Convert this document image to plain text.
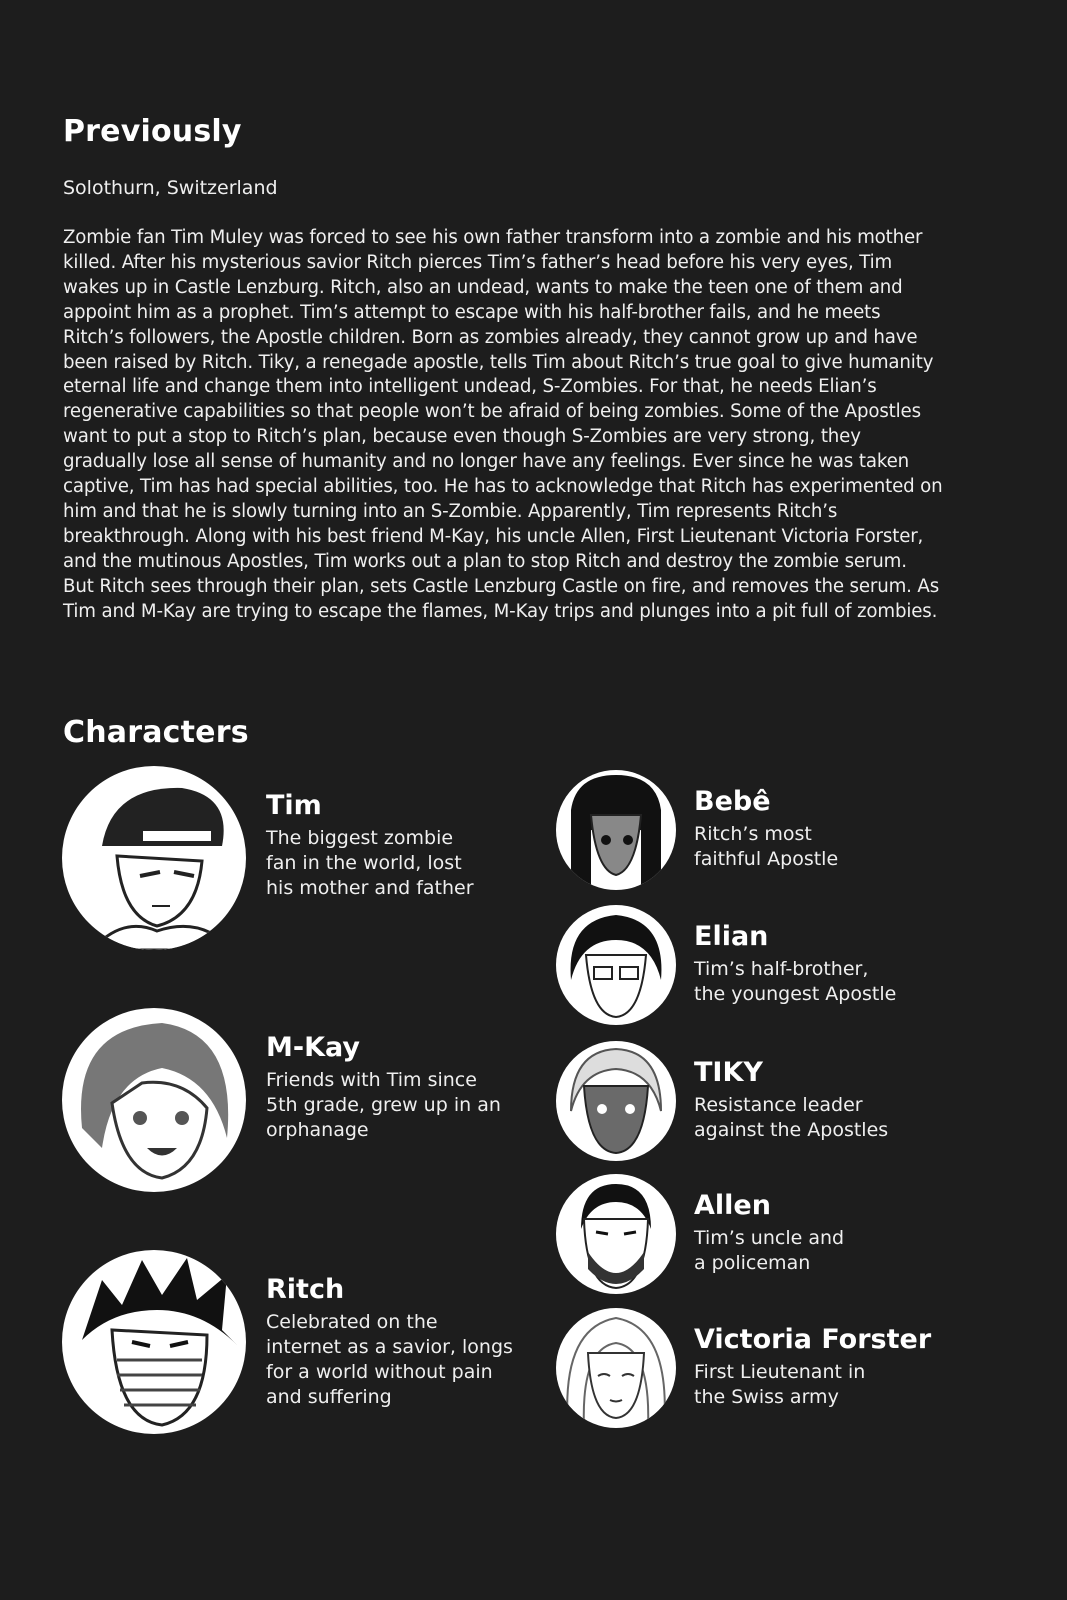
Previously
Solothurn, Switzerland
Zombie fan Tim Muley was forced to see his own father transform into a zombie and his mother killed. After his mysterious savior Ritch pierces Tim’s father’s head before his very eyes, Tim wakes up in Castle Lenzburg. Ritch, also an undead, wants to make the teen one of them and appoint him as a prophet. Tim’s attempt to escape with his half-brother fails, and he meets Ritch’s followers, the Apostle children. Born as zombies already, they cannot grow up and have been raised by Ritch. Tiky, a renegade apostle, tells Tim about Ritch’s true goal to give humanity eternal life and change them into intelligent undead, S-Zombies. For that, he needs Elian’s regenerative capabilities so that people won’t be afraid of being zombies. Some of the Apostles want to put a stop to Ritch’s plan, because even though S-Zombies are very strong, they gradually lose all sense of humanity and no longer have any feelings. Ever since he was taken captive, Tim has had special abilities, too. He has to acknowledge that Ritch has experimented on him and that he is slowly turning into an S-Zombie. Apparently, Tim represents Ritch’s breakthrough. Along with his best friend M-Kay, his uncle Allen, First Lieutenant Victoria Forster, and the mutinous Apostles, Tim works out a plan to stop Ritch and destroy the zombie serum. But Ritch sees through their plan, sets Castle Lenzburg Castle on fire, and removes the serum. As Tim and M-Kay are trying to escape the flames, M-Kay trips and plunges into a pit full of zombies.
Characters
Tim
The biggest zombie
fan in the world, lost
his mother and father
M-Kay
Friends with Tim since
5th grade, grew up in an
orphanage
Ritch
Celebrated on the
internet as a savior, longs
for a world without pain
and suffering
Bebê
Ritch’s most
faithful Apostle
Elian
Tim’s half-brother,
the youngest Apostle
TIKY
Resistance leader
against the Apostles
Allen
Tim’s uncle and
a policeman
Victoria Forster
First Lieutenant in
the Swiss army
